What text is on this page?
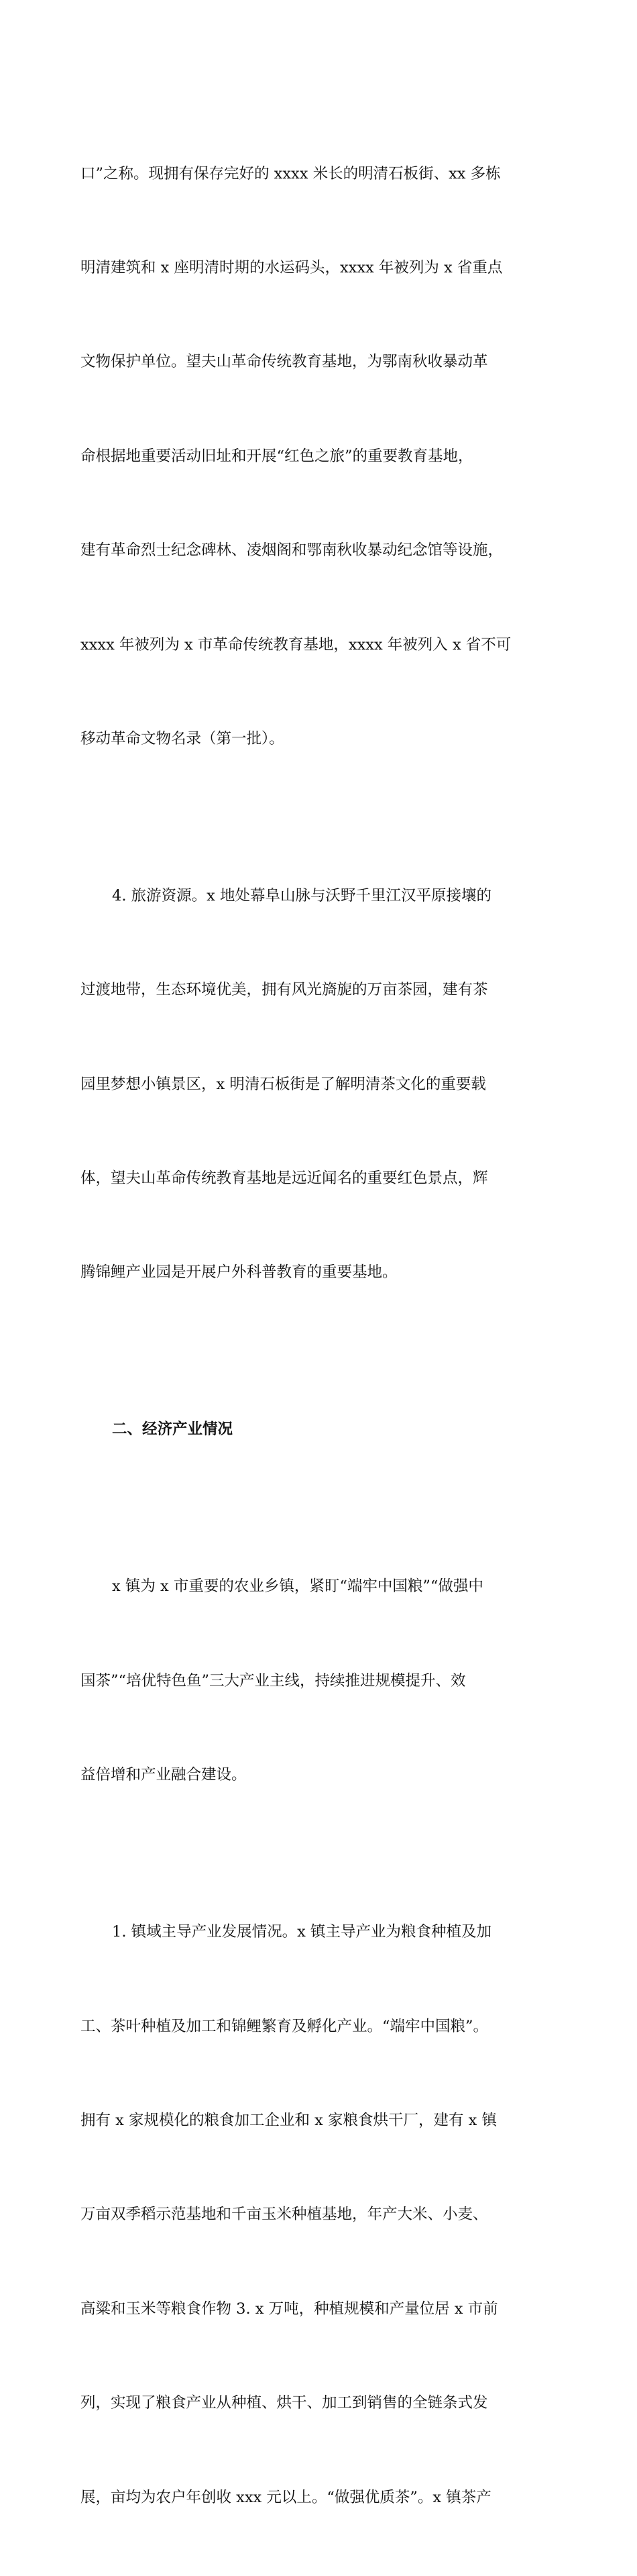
口”之称。现拥有保存完好的 xxxx 米长的明清石板街、xx 多栋

明清建筑和 x 座明清时期的水运码头，xxxx 年被列为 x 省重点

文物保护单位。望夫山革命传统教育基地，为鄂南秋收暴动革

命根据地重要活动旧址和开展“红色之旅”的重要教育基地，

建有革命烈士纪念碑林、凌烟阁和鄂南秋收暴动纪念馆等设施，

xxxx 年被列为 x 市革命传统教育基地，xxxx 年被列入 x 省不可

移动革命文物名录（第一批）。

4. 旅游资源。x 地处幕阜山脉与沃野千里江汉平原接壤的

过渡地带，生态环境优美，拥有风光旖旎的万亩茶园，建有茶

园里梦想小镇景区，x 明清石板街是了解明清茶文化的重要载

体，望夫山革命传统教育基地是远近闻名的重要红色景点，辉

腾锦鲤产业园是开展户外科普教育的重要基地。

二、经济产业情况

x 镇为 x 市重要的农业乡镇，紧盯“端牢中国粮”“做强中

国茶”“培优特色鱼”三大产业主线，持续推进规模提升、效

益倍增和产业融合建设。

1. 镇域主导产业发展情况。x 镇主导产业为粮食种植及加

工、茶叶种植及加工和锦鲤繁育及孵化产业。“端牢中国粮”。

拥有 x 家规模化的粮食加工企业和 x 家粮食烘干厂，建有 x 镇

万亩双季稻示范基地和千亩玉米种植基地，年产大米、小麦、

高粱和玉米等粮食作物 3. x 万吨，种植规模和产量位居 x 市前

列，实现了粮食产业从种植、烘干、加工到销售的全链条式发

展，亩均为农户年创收 xxx 元以上。“做强优质茶”。x 镇茶产
